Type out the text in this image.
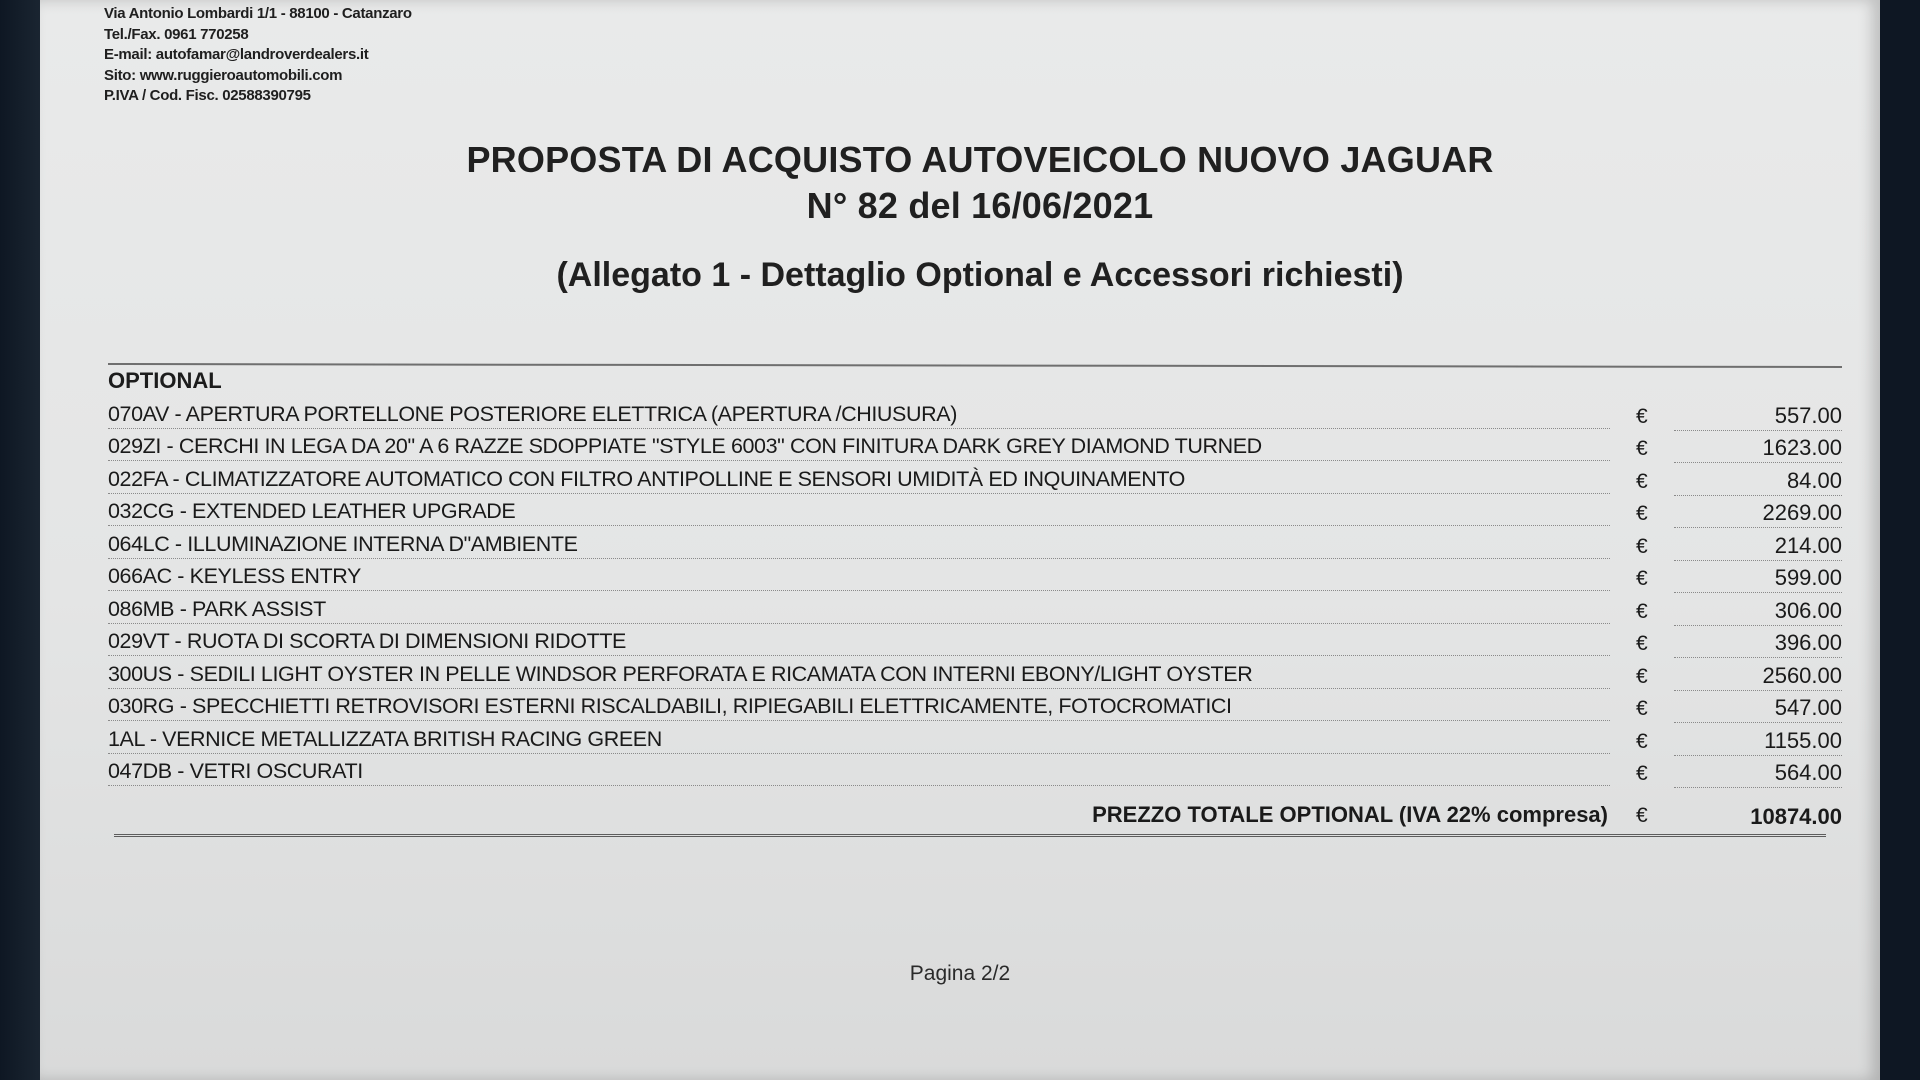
Via Antonio Lombardi 1/1 - 88100 - Catanzaro
Tel./Fax. 0961 770258
E-mail: autofamar@landroverdealers.it
Sito: www.ruggieroautomobili.com
P.IVA / Cod. Fisc. 02588390795
PROPOSTA DI ACQUISTO AUTOVEICOLO NUOVO JAGUAR
N° 82 del 16/06/2021
(Allegato 1 - Dettaglio Optional e Accessori richiesti)
OPTIONAL
070AV - APERTURA PORTELLONE POSTERIORE ELETTRICA (APERTURA /CHIUSURA)	€	557.00
029ZI - CERCHI IN LEGA DA 20" A 6 RAZZE SDOPPIATE "STYLE 6003" CON FINITURA DARK GREY DIAMOND TURNED	€	1623.00
022FA - CLIMATIZZATORE AUTOMATICO CON FILTRO ANTIPOLLINE E SENSORI UMIDITÀ ED INQUINAMENTO	€	84.00
032CG - EXTENDED LEATHER UPGRADE	€	2269.00
064LC - ILLUMINAZIONE INTERNA D"AMBIENTE	€	214.00
066AC - KEYLESS ENTRY	€	599.00
086MB - PARK ASSIST	€	306.00
029VT - RUOTA DI SCORTA DI DIMENSIONI RIDOTTE	€	396.00
300US - SEDILI LIGHT OYSTER IN PELLE WINDSOR PERFORATA E RICAMATA CON INTERNI EBONY/LIGHT OYSTER	€	2560.00
030RG - SPECCHIETTI RETROVISORI ESTERNI RISCALDABILI, RIPIEGABILI ELETTRICAMENTE, FOTOCROMATICI	€	547.00
1AL - VERNICE METALLIZZATA BRITISH RACING GREEN	€	1155.00
047DB - VETRI OSCURATI	€	564.00
PREZZO TOTALE OPTIONAL (IVA 22% compresa) €	10874.00
Pagina 2/2
